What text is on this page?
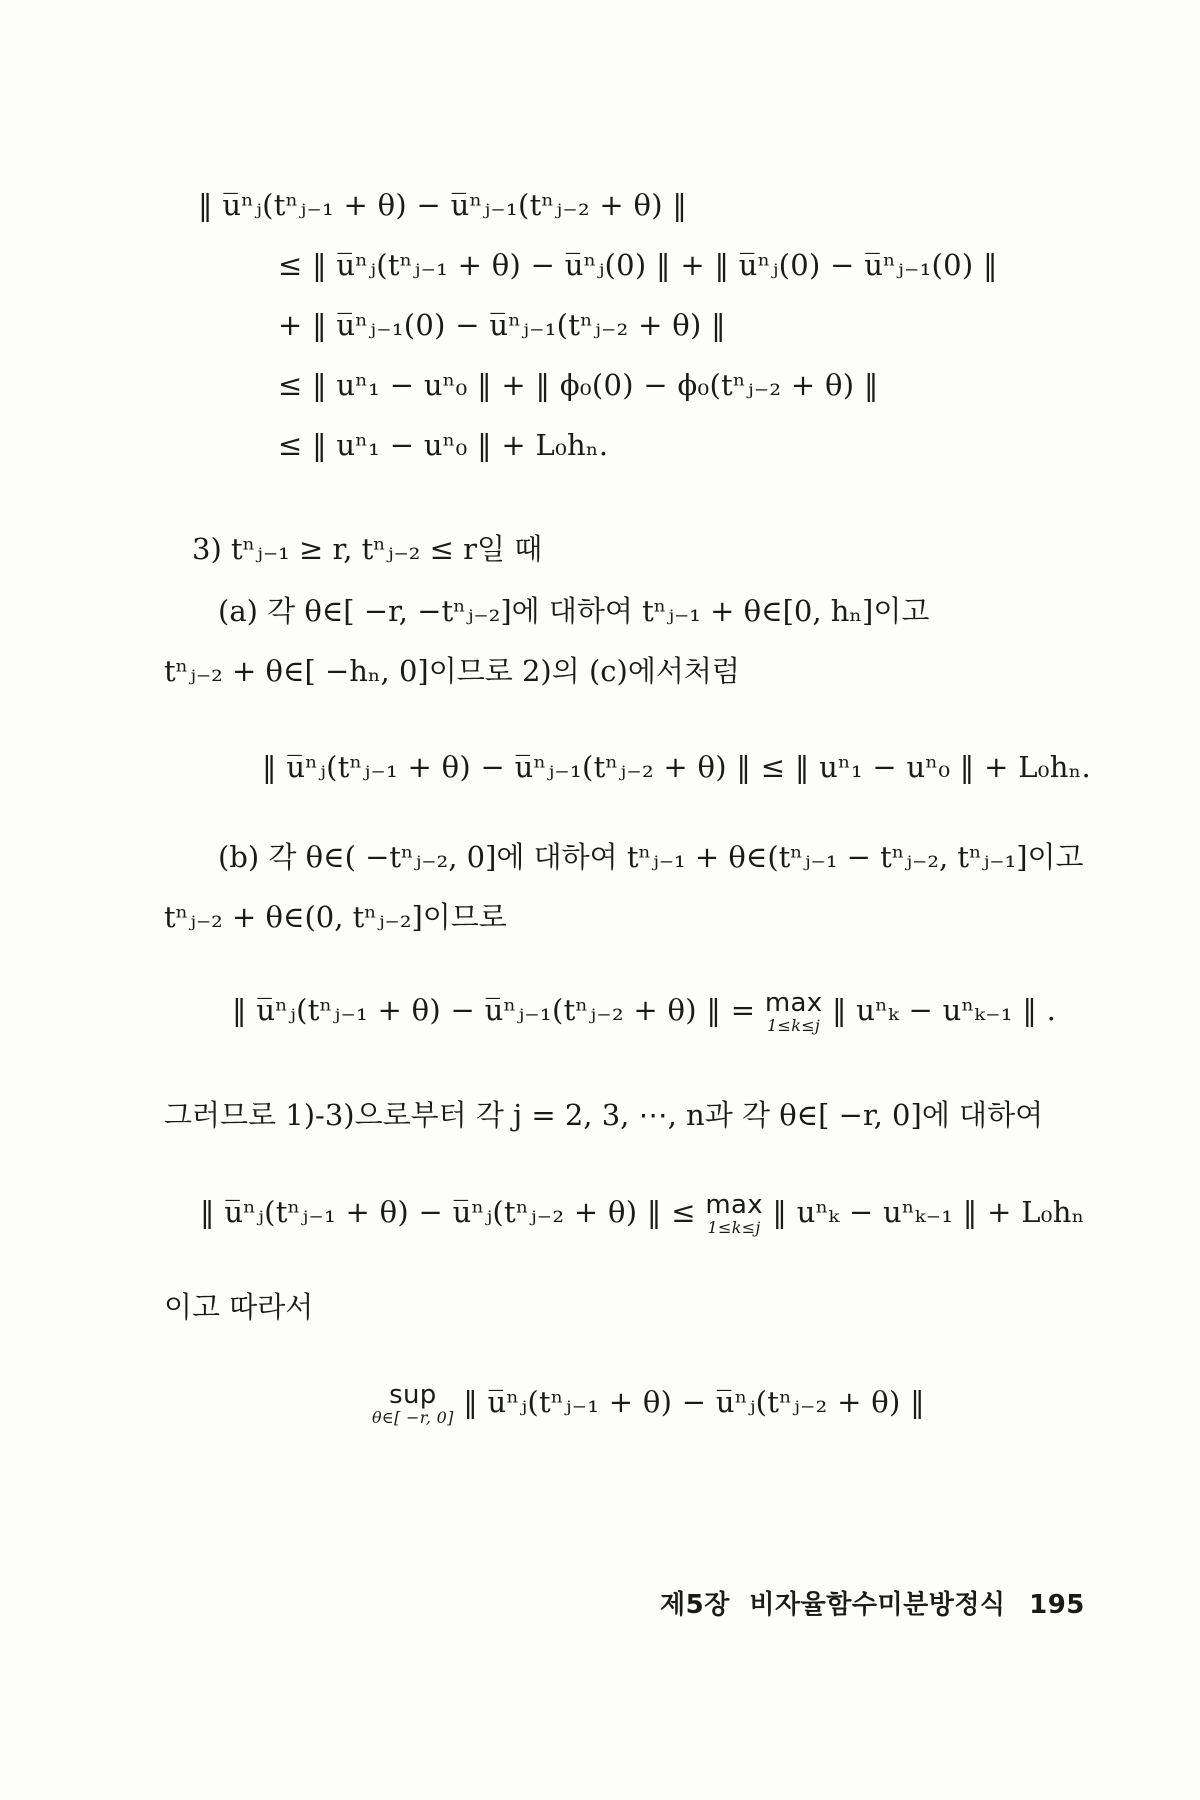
‖ u̅ⁿⱼ(tⁿⱼ₋₁ + θ) − u̅ⁿⱼ₋₁(tⁿⱼ₋₂ + θ) ‖
≤ ‖ u̅ⁿⱼ(tⁿⱼ₋₁ + θ) − u̅ⁿⱼ(0) ‖ + ‖ u̅ⁿⱼ(0) − u̅ⁿⱼ₋₁(0) ‖
+ ‖ u̅ⁿⱼ₋₁(0) − u̅ⁿⱼ₋₁(tⁿⱼ₋₂ + θ) ‖
≤ ‖ uⁿ₁ − uⁿ₀ ‖ + ‖ ϕ₀(0) − ϕ₀(tⁿⱼ₋₂ + θ) ‖
≤ ‖ uⁿ₁ − uⁿ₀ ‖ + L₀hₙ.
3) tⁿⱼ₋₁ ≥ r, tⁿⱼ₋₂ ≤ r일 때
(a) 각 θ∈[ −r, −tⁿⱼ₋₂]에 대하여 tⁿⱼ₋₁ + θ∈[0, hₙ]이고
tⁿⱼ₋₂ + θ∈[ −hₙ, 0]이므로 2)의 (c)에서처럼
‖ u̅ⁿⱼ(tⁿⱼ₋₁ + θ) − u̅ⁿⱼ₋₁(tⁿⱼ₋₂ + θ) ‖ ≤ ‖ uⁿ₁ − uⁿ₀ ‖ + L₀hₙ.
(b) 각 θ∈( −tⁿⱼ₋₂, 0]에 대하여 tⁿⱼ₋₁ + θ∈(tⁿⱼ₋₁ − tⁿⱼ₋₂, tⁿⱼ₋₁]이고
tⁿⱼ₋₂ + θ∈(0, tⁿⱼ₋₂]이므로
‖ u̅ⁿⱼ(tⁿⱼ₋₁ + θ) − u̅ⁿⱼ₋₁(tⁿⱼ₋₂ + θ) ‖ = max
1≤k≤j ‖ uⁿₖ − uⁿₖ₋₁ ‖ .
그러므로 1)-3)으로부터 각 j = 2, 3, ⋯, n과 각 θ∈[ −r, 0]에 대하여
‖ u̅ⁿⱼ(tⁿⱼ₋₁ + θ) − u̅ⁿⱼ(tⁿⱼ₋₂ + θ) ‖ ≤ max
1≤k≤j ‖ uⁿₖ − uⁿₖ₋₁ ‖ + L₀hₙ
이고 따라서
sup
θ∈[ −r, 0] ‖ u̅ⁿⱼ(tⁿⱼ₋₁ + θ) − u̅ⁿⱼ(tⁿⱼ₋₂ + θ) ‖
제5장 비자율함수미분방정식 195
